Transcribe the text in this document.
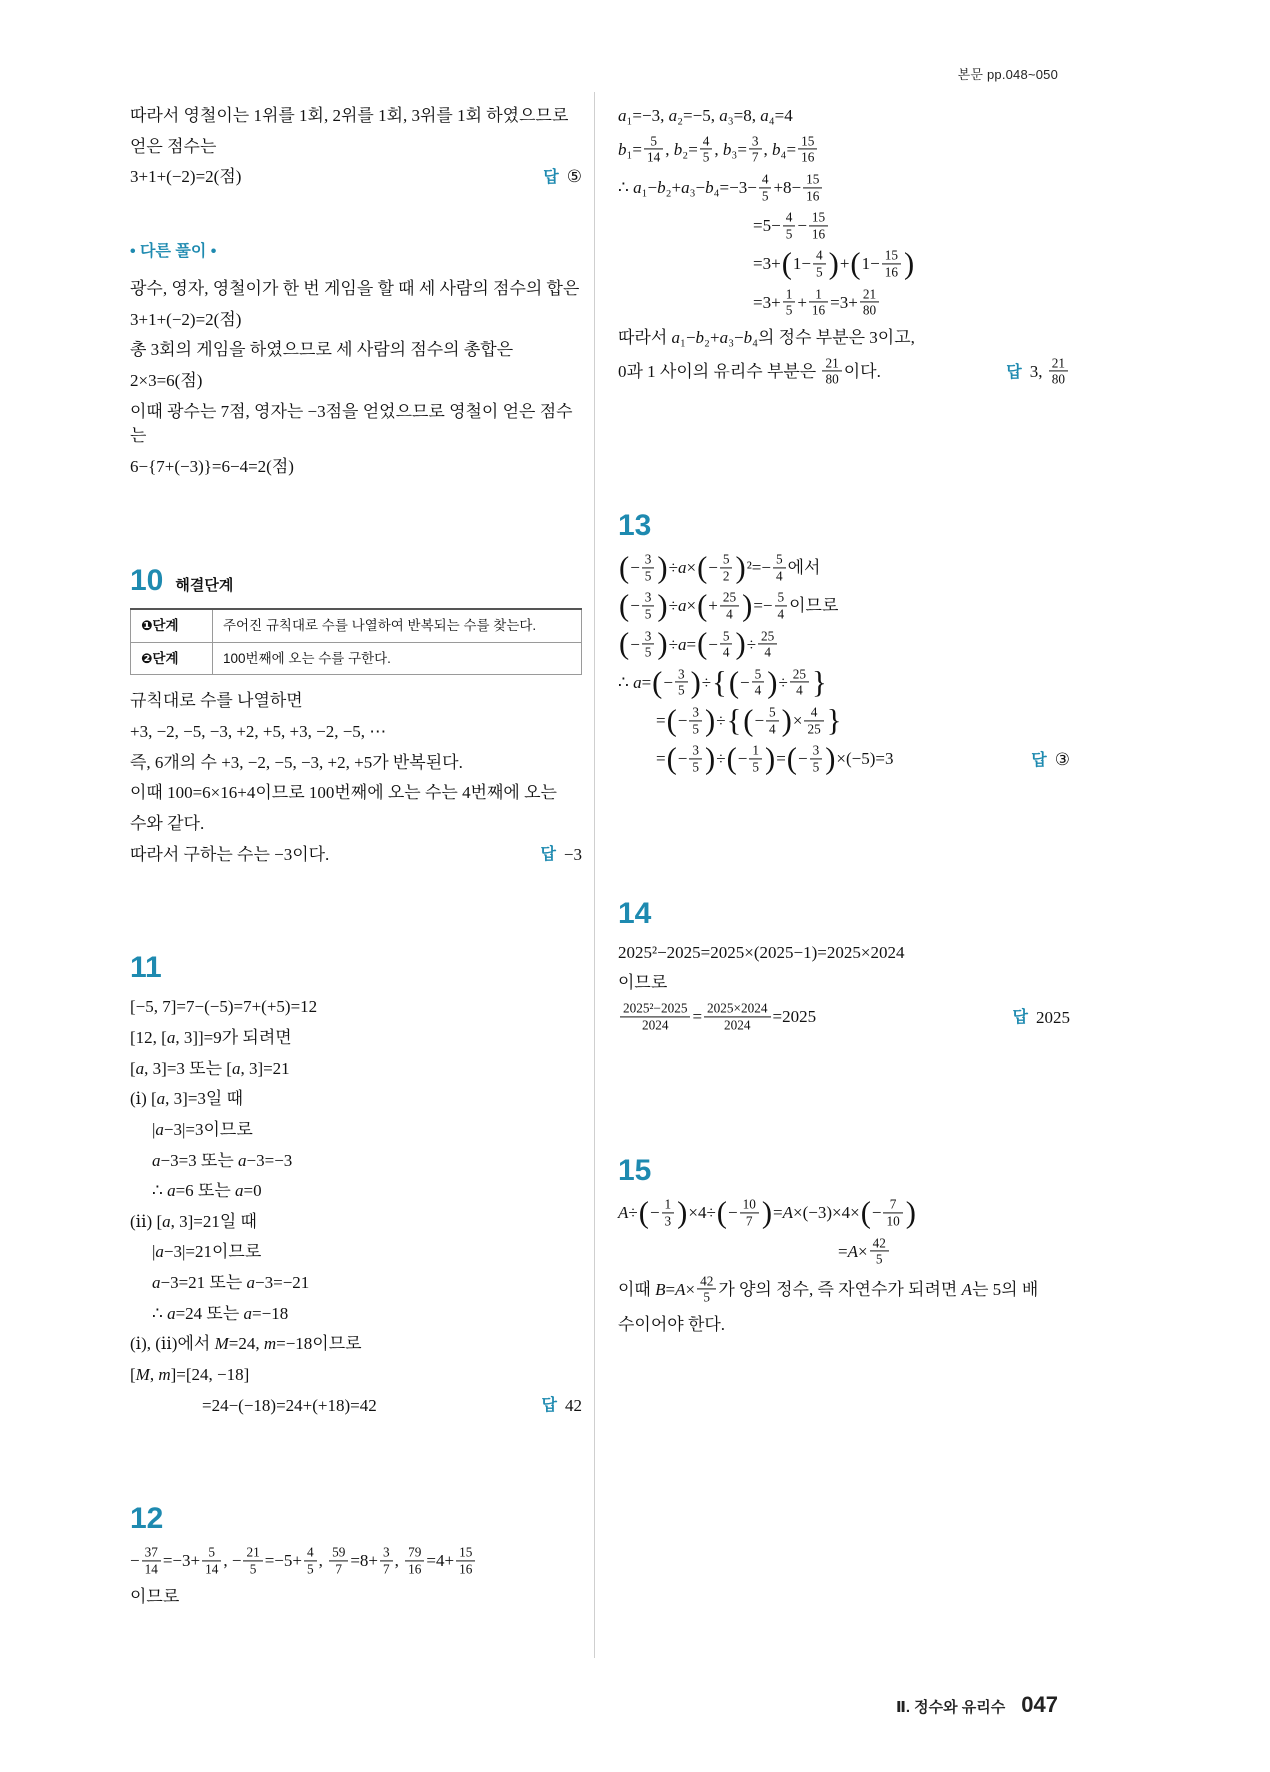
본문 pp.048~050
따라서 영철이는 1위를 1회, 2위를 1회, 3위를 1회 하였으므로
얻은 점수는
3+1+(−2)=2(점)	답 ⑤
• 다른 풀이 •
광수, 영자, 영철이가 한 번 게임을 할 때 세 사람의 점수의 합은
3+1+(−2)=2(점)
총 3회의 게임을 하였으므로 세 사람의 점수의 총합은
2×3=6(점)
이때 광수는 7점, 영자는 −3점을 얻었으므로 영철이 얻은 점수는
6−{7+(−3)}=6−4=2(점)
10 해결단계
❶단계	주어진 규칙대로 수를 나열하여 반복되는 수를 찾는다.
❷단계	100번째에 오는 수를 구한다.
규칙대로 수를 나열하면
+3, −2, −5, −3, +2, +5, +3, −2, −5, ⋯
즉, 6개의 수 +3, −2, −5, −3, +2, +5가 반복된다.
이때 100=6×16+4이므로 100번째에 오는 수는 4번째에 오는
수와 같다.
따라서 구하는 수는 −3이다.	답 −3
11
[−5, 7]=7−(−5)=7+(+5)=12
[12, [a, 3]]=9가 되려면
[a, 3]=3 또는 [a, 3]=21
(ⅰ) [a, 3]=3일 때
|a−3|=3이므로
a−3=3 또는 a−3=−3
∴ a=6 또는 a=0
(ⅱ) [a, 3]=21일 때
|a−3|=21이므로
a−3=21 또는 a−3=−21
∴ a=24 또는 a=−18
(ⅰ), (ⅱ)에서 M=24, m=−18이므로
[M, m]=[24, −18]
=24−(−18)=24+(+18)=42	답 42
12
− $\frac{37}{14} =-3+ \frac{5}{14}$ , − $\frac{21}{5} =-5+ \frac{4}{5}$ , $\frac{59}{7} =8+ \frac{3}{7}$ , $\frac{79}{16} =4+ \frac{15}{16}$
이므로
a₁=−3, a₂=−5, a₃=8, a₄=4
$b_1= \frac{5}{14}$ , $b_2= \frac{4}{5}$ , $b_3= \frac{3}{7}$ , $b_4= \frac{15}{16}$
∴ $a_1-b_2+a_3-b_4=-3- \frac{4}{5} +8- \frac{15}{16}$
$=5- \frac{4}{5} - \frac{15}{16}$
$=3+(1- \frac{4}{5} )+(1- \frac{15}{16}$ )
$=3+ \frac{1}{5} + \frac{1}{16} =3+ \frac{21}{80}$
따라서 a₁−b₂+a₃−b₄의 정수 부분은 3이고,
0과 1 사이의 유리수 부분은 $\frac{21}{80}$ 이다.	답 3, $\frac{21}{80}$
13
(− $\frac{3}{5} )\div a\times(- \frac{5}{2} )^2=- \frac{5}{4}$ 에서
(− $\frac{3}{5} )\div a\times(+ \frac{25}{4}$ )=− $\frac{5}{4}$ 이므로
(− $\frac{3}{5} )\div a=(- \frac{5}{4}$ )÷ $\frac{25}{4}$
∴ $a=(- \frac{3}{5}$ )÷{(− $\frac{5}{4}$ )÷ $\frac{25}{4}$ }
=(− $\frac{3}{5}$ )÷{(− $\frac{5}{4}$ )× $\frac{4}{25}$ }
=(− $\frac{3}{5}$ )÷(− $\frac{1}{5}$ )=(− $\frac{3}{5} )\times(-5)=3$	답 ③
14
2025²−2025=2025×(2025−1)=2025×2024
이므로
$\frac{\text{2025²−2025}}{2024} = \frac{2025\times 2024}{2024} =2025$	답 2025
15
$A\div(- \frac{1}{3} )\times 4\div(- \frac{10}{7} )=A\times(-3)\times 4\times(- \frac{7}{10}$ )
$=A\times \frac{42}{5}$
이때 $B=A\times \frac{42}{5}$ 가 양의 정수, 즉 자연수가 되려면 A는 5의 배
수이어야 한다.
Ⅱ. 정수와 유리수 047
